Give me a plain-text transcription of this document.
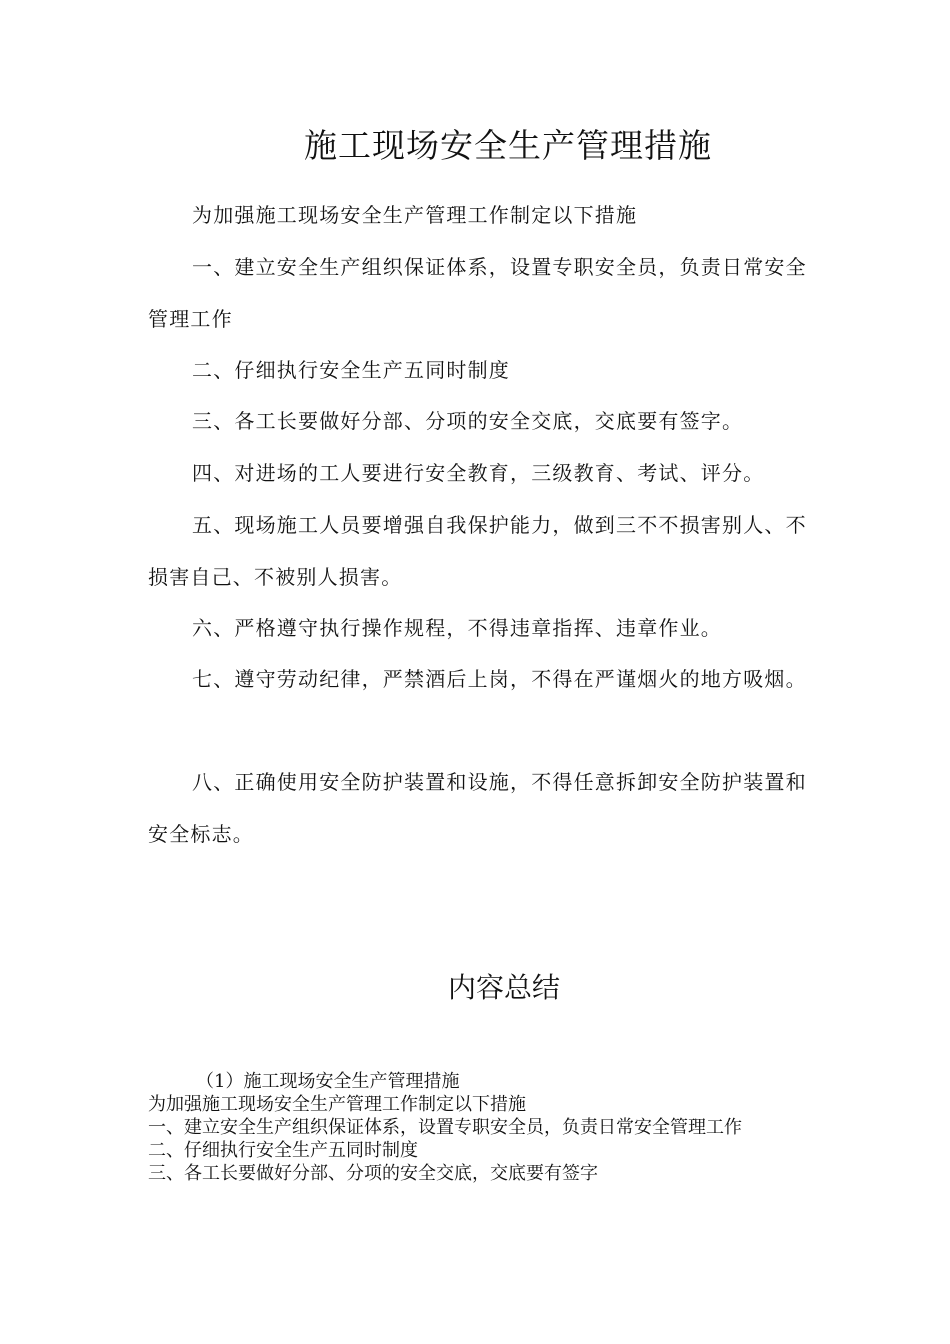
施工现场安全生产管理措施

为加强施工现场安全生产管理工作制定以下措施

一、建立安全生产组织保证体系，设置专职安全员，负责日常安全管理工作

二、仔细执行安全生产五同时制度

三、各工长要做好分部、分项的安全交底，交底要有签字。

四、对进场的工人要进行安全教育，三级教育、考试、评分。

五、现场施工人员要增强自我保护能力，做到三不不损害别人、不损害自己、不被别人损害。

六、严格遵守执行操作规程，不得违章指挥、违章作业。

七、遵守劳动纪律，严禁酒后上岗，不得在严谨烟火的地方吸烟。

八、正确使用安全防护装置和设施，不得任意拆卸安全防护装置和安全标志。

内容总结

（1）施工现场安全生产管理措施

为加强施工现场安全生产管理工作制定以下措施

一、建立安全生产组织保证体系，设置专职安全员，负责日常安全管理工作

二、仔细执行安全生产五同时制度

三、各工长要做好分部、分项的安全交底，交底要有签字
